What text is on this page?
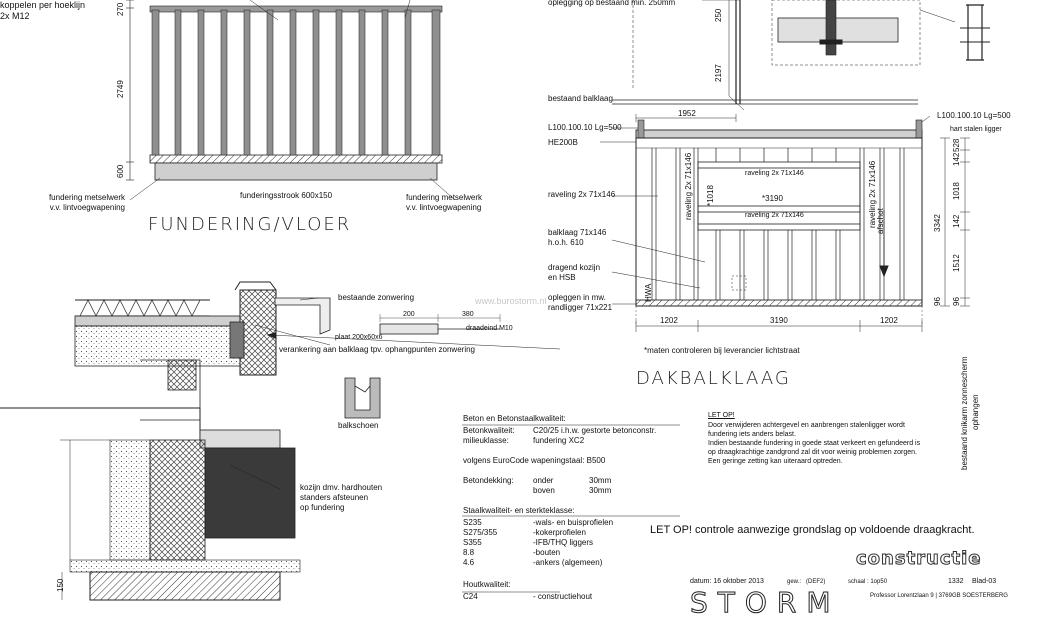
www.burostorm.nl
270
2749
600
funderingsstrook 600x150
fundering metselwerk
v.v. lintvoegwapening
fundering metselwerk
v.v. lintvoegwapening
FUNDERING/VLOER
oplegging op bestaand min. 250mm
250
2197
koppelen per hoeklijn
2x M12
bestaand balklaag
1952
L100.100.10 Lg=500
L100.100.10 Lg=500
hart stalen ligger
HE200B
raveling 2x 71x146
balklaag 71x146
h.o.h. 610
dragend kozijn
en HSB
opleggen in mw.
randligger 71x221
raveling 2x 71x146
raveling 2x 71x146
*3190
*1018
raveling 2x 71x146	raveling 2x 71x146 afschot
HWA
*maten controleren bij leverancier lichtstraat
bestaand knikarm zonnescherm ophangen
142
528
1018
142
3342
1512
96 96
1202	3190	1202
DAKBALKLAAG
bestaande zonwering
200	380
plaat 200x60x6
draadeind M10
verankering aan balklaag tpv. ophangpunten zonwering
balkschoen
kozijn dmv. hardhouten
standers afsteunen
op fundering
150
Beton en Betonstaalkwaliteit:
Betonkwaliteit: C20/25 i.h.w. gestorte betonconstr.
milieuklasse:	fundering XC2
volgens EuroCode wapeningstaal: B500
Betondekking: onder	30mm
boven	30mm
Staalkwaliteit- en sterkteklasse:
S235	-wals- en buisprofielen
S275/355	-kokerprofielen
S355	-IFB/THQ liggers
8.8	-bouten
4.6	-ankers (algemeen)
Houtkwaliteit:
C24	- constructiehout
LET OP!
Door verwijderen achtergevel en aanbrengen stalenligger wordt
fundering iets anders belast.
Indien bestaande fundering in goede staat verkeert en gefundeerd is
op draagkrachtige zandgrond zal dit voor weinig problemen zorgen.
Een geringe zetting kan uiteraard optreden.
LET OP! controle aanwezige grondslag op voldoende draagkracht.
constructie
datum: 16 oktober 2013	gew.: (DEF2)	schaal : 1op50	1332 Blad-03
STORM	Professor Lorentzlaan 9 | 3769GB SOESTERBERG
